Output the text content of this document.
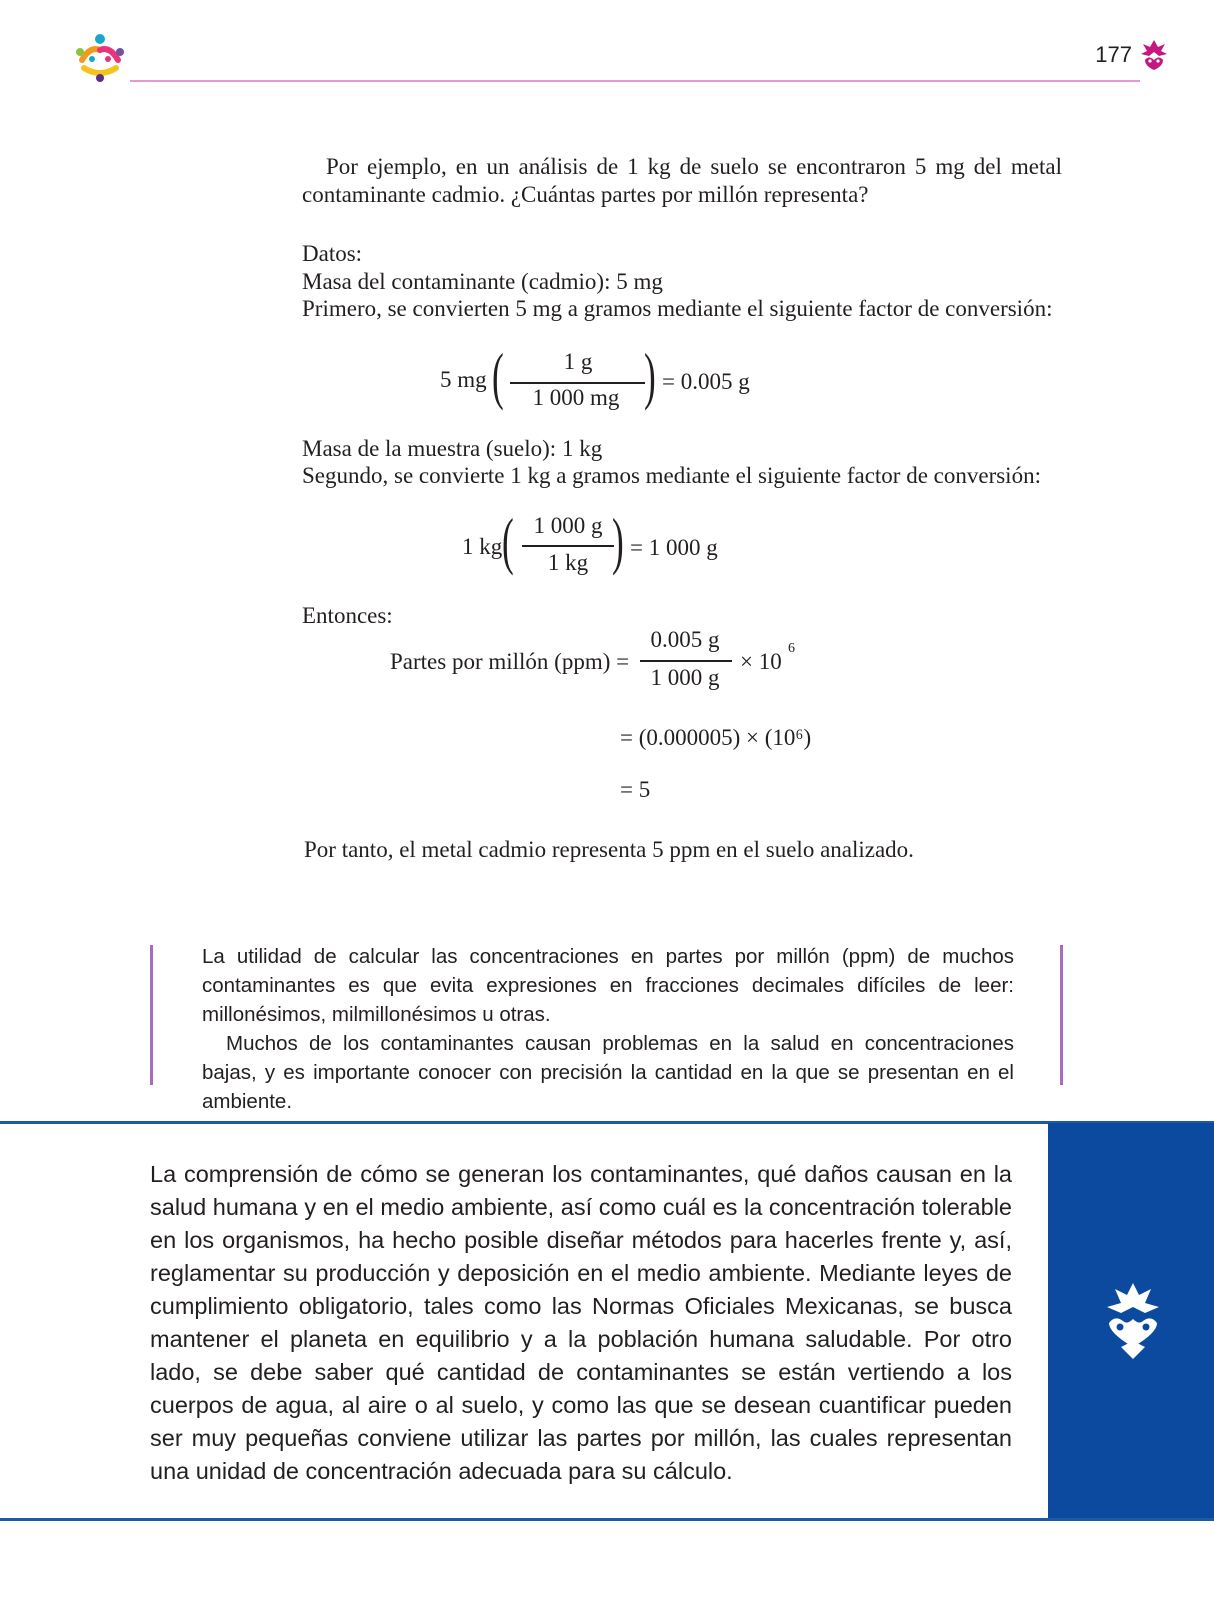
177

Por ejemplo, en un análisis de 1 kg de suelo se encontraron 5 mg del metal contaminante cadmio. ¿Cuántas partes por millón representa?

Datos:
Masa del contaminante (cadmio): 5 mg
Primero, se convierten 5 mg a gramos mediante el siguiente factor de conversión:
5 mg (	1 g
1 000 mg ) = 0.005 g
Masa de la muestra (suelo): 1 kg
Segundo, se convierte 1 kg a gramos mediante el siguiente factor de conversión:
1 kg ( 1 000 g
1 kg ) = 1 000 g
Entonces:
Partes por millón (ppm) =
0.005 g
1 000 g
× 10
6
= (0.000005) × (10⁶)
= 5
Por tanto, el metal cadmio representa 5 ppm en el suelo analizado.

La utilidad de calcular las concentraciones en partes por millón (ppm) de muchos contaminantes es que evita expresiones en fracciones decimales difíciles de leer: millonésimos, milmillonésimos u otras.

Muchos de los contaminantes causan problemas en la salud en concentraciones bajas, y es importante conocer con precisión la cantidad en la que se presentan en el ambiente.

La comprensión de cómo se generan los contaminantes, qué daños causan en la salud humana y en el medio ambiente, así como cuál es la concentración tolerable en los organismos, ha hecho posible diseñar métodos para hacerles frente y, así, reglamentar su producción y deposición en el medio ambiente. Mediante leyes de cumplimiento obligatorio, tales como las Normas Oficiales Mexicanas, se busca mantener el planeta en equilibrio y a la población humana saludable. Por otro lado, se debe saber qué cantidad de contaminantes se están vertiendo a los cuerpos de agua, al aire o al suelo, y como las que se desean cuantificar pueden ser muy pequeñas conviene utilizar las partes por millón, las cuales representan una unidad de concentración adecuada para su cálculo.
